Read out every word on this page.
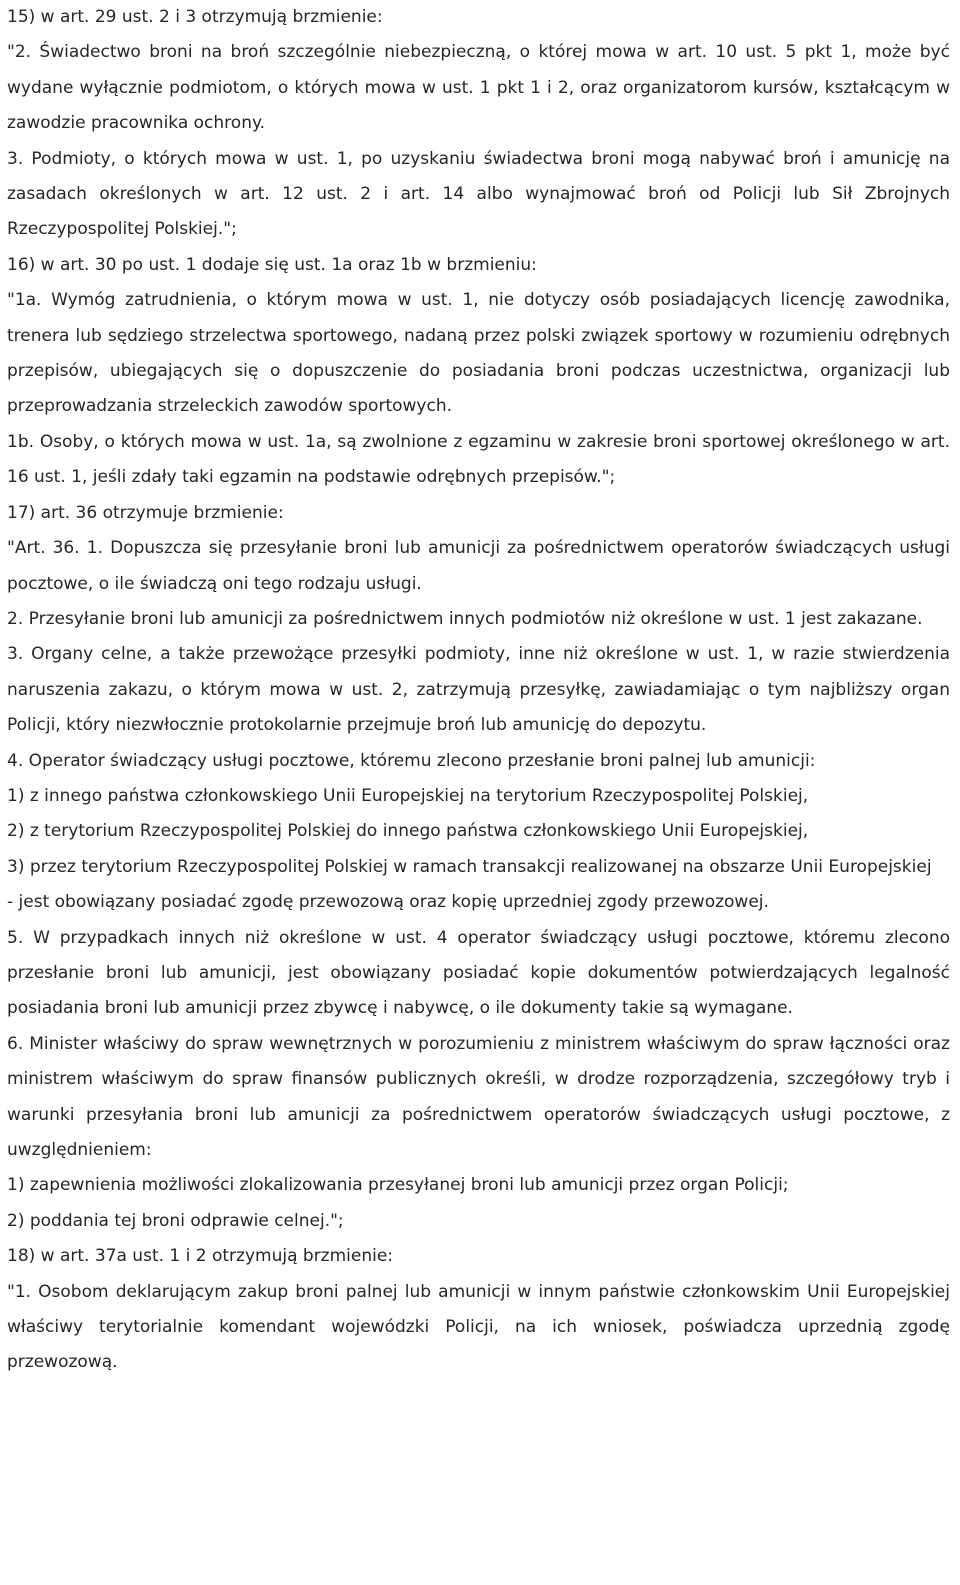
15) w art. 29 ust. 2 i 3 otrzymują brzmienie:

"2. Świadectwo broni na broń szczególnie niebezpieczną, o której mowa w art. 10 ust. 5 pkt 1, może być wydane wyłącznie podmiotom, o których mowa w ust. 1 pkt 1 i 2, oraz organizatorom kursów, kształcącym w zawodzie pracownika ochrony.

3. Podmioty, o których mowa w ust. 1, po uzyskaniu świadectwa broni mogą nabywać broń i amunicję na zasadach określonych w art. 12 ust. 2 i art. 14 albo wynajmować broń od Policji lub Sił Zbrojnych Rzeczypospolitej Polskiej.";

16) w art. 30 po ust. 1 dodaje się ust. 1a oraz 1b w brzmieniu:

"1a. Wymóg zatrudnienia, o którym mowa w ust. 1, nie dotyczy osób posiadających licencję zawodnika, trenera lub sędziego strzelectwa sportowego, nadaną przez polski związek sportowy w rozumieniu odrębnych przepisów, ubiegających się o dopuszczenie do posiadania broni podczas uczestnictwa, organizacji lub przeprowadzania strzeleckich zawodów sportowych.

1b. Osoby, o których mowa w ust. 1a, są zwolnione z egzaminu w zakresie broni sportowej określonego w art. 16 ust. 1, jeśli zdały taki egzamin na podstawie odrębnych przepisów.";

17) art. 36 otrzymuje brzmienie:

"Art. 36. 1. Dopuszcza się przesyłanie broni lub amunicji za pośrednictwem operatorów świadczących usługi pocztowe, o ile świadczą oni tego rodzaju usługi.

2. Przesyłanie broni lub amunicji za pośrednictwem innych podmiotów niż określone w ust. 1 jest zakazane.

3. Organy celne, a także przewożące przesyłki podmioty, inne niż określone w ust. 1, w razie stwierdzenia naruszenia zakazu, o którym mowa w ust. 2, zatrzymują przesyłkę, zawiadamiając o tym najbliższy organ Policji, który niezwłocznie protokolarnie przejmuje broń lub amunicję do depozytu.

4. Operator świadczący usługi pocztowe, któremu zlecono przesłanie broni palnej lub amunicji:

1) z innego państwa członkowskiego Unii Europejskiej na terytorium Rzeczypospolitej Polskiej,

2) z terytorium Rzeczypospolitej Polskiej do innego państwa członkowskiego Unii Europejskiej,

3) przez terytorium Rzeczypospolitej Polskiej w ramach transakcji realizowanej na obszarze Unii Europejskiej

- jest obowiązany posiadać zgodę przewozową oraz kopię uprzedniej zgody przewozowej.

5. W przypadkach innych niż określone w ust. 4 operator świadczący usługi pocztowe, któremu zlecono przesłanie broni lub amunicji, jest obowiązany posiadać kopie dokumentów potwierdzających legalność posiadania broni lub amunicji przez zbywcę i nabywcę, o ile dokumenty takie są wymagane.

6. Minister właściwy do spraw wewnętrznych w porozumieniu z ministrem właściwym do spraw łączności oraz ministrem właściwym do spraw finansów publicznych określi, w drodze rozporządzenia, szczegółowy tryb i warunki przesyłania broni lub amunicji za pośrednictwem operatorów świadczących usługi pocztowe, z uwzględnieniem:

1) zapewnienia możliwości zlokalizowania przesyłanej broni lub amunicji przez organ Policji;

2) poddania tej broni odprawie celnej.";

18) w art. 37a ust. 1 i 2 otrzymują brzmienie:

"1. Osobom deklarującym zakup broni palnej lub amunicji w innym państwie członkowskim Unii Europejskiej właściwy terytorialnie komendant wojewódzki Policji, na ich wniosek, poświadcza uprzednią zgodę przewozową.
